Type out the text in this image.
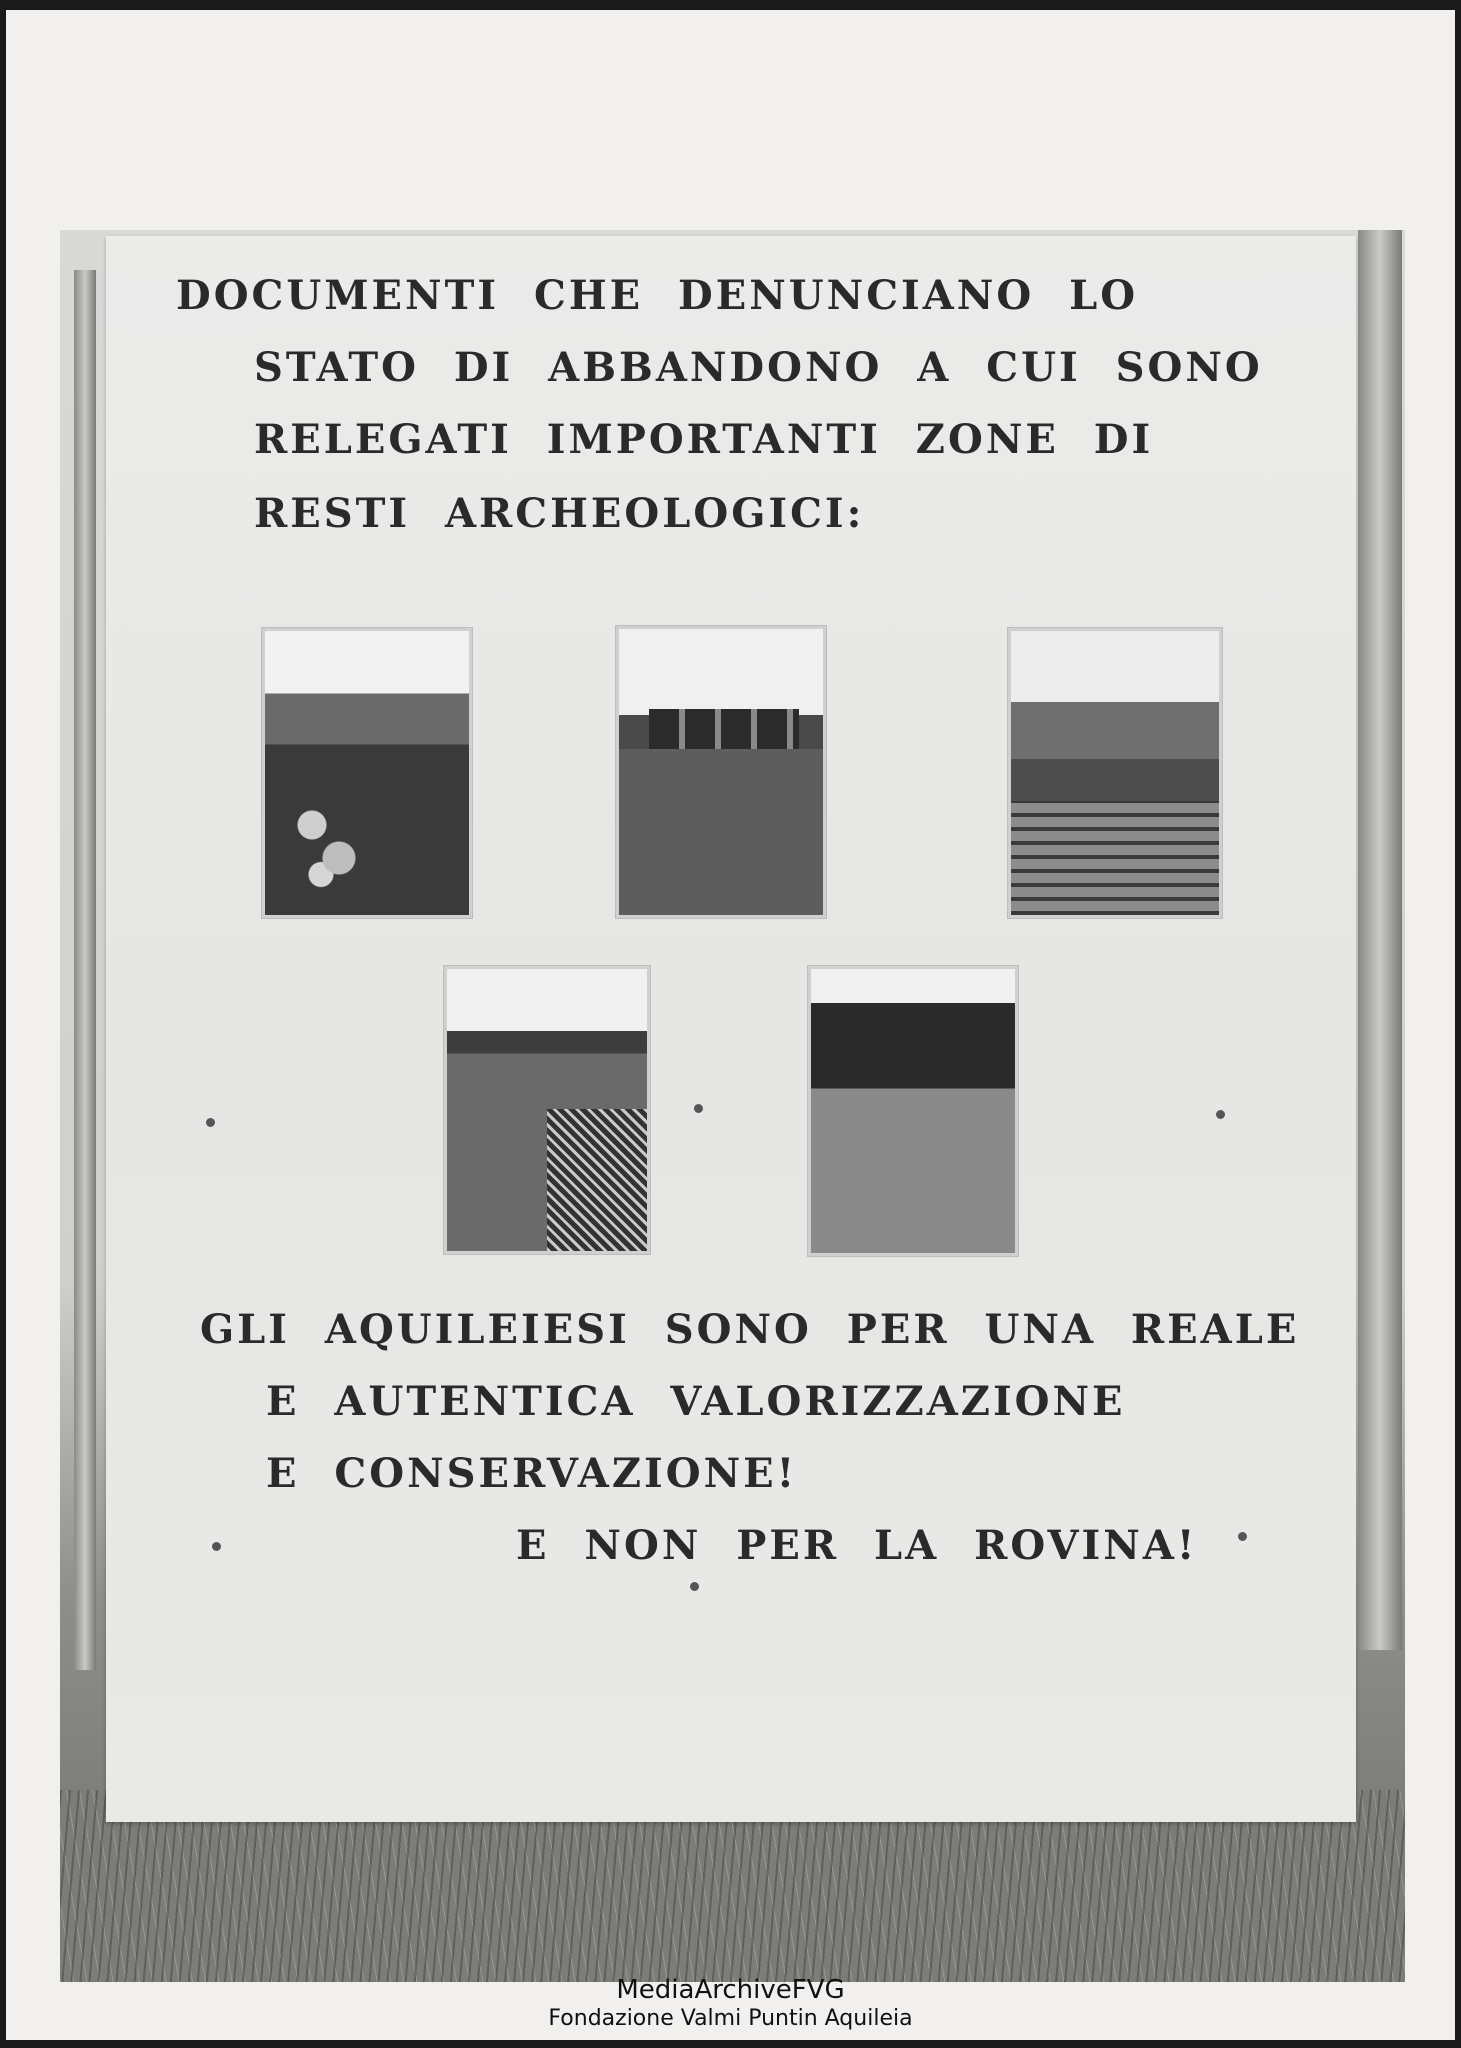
DOCUMENTI CHE DENUNCIANO LO

STATO DI ABBANDONO A CUI SONO

RELEGATI IMPORTANTI ZONE DI

RESTI ARCHEOLOGICI:

GLI AQUILEIESI SONO PER UNA REALE

E AUTENTICA VALORIZZAZIONE

E CONSERVAZIONE!

E NON PER LA ROVINA!

MediaArchiveFVG
Fondazione Valmi Puntin Aquileia
